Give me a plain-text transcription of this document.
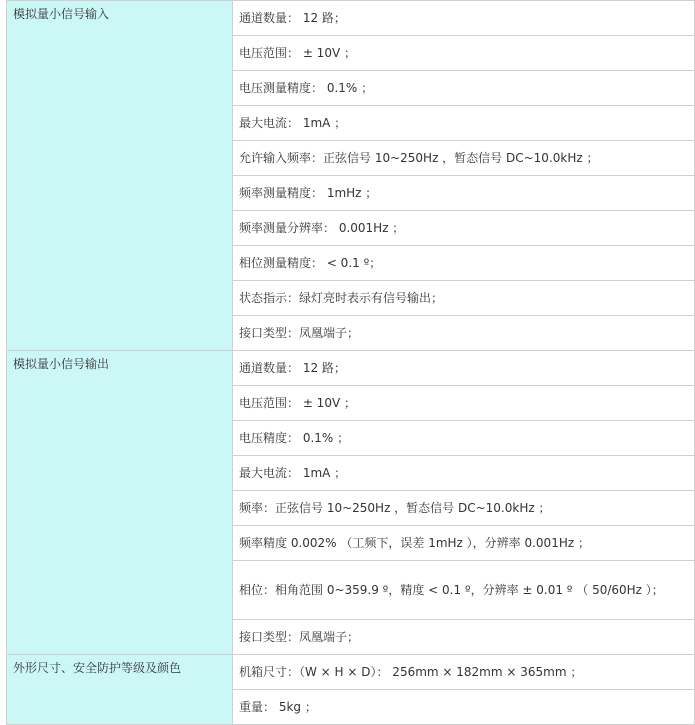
模拟量小信号输入	通道数量： 12 路；
	电压范围： ± 10V ；
	电压测量精度： 0.1% ；
	最大电流： 1mA ；
	允许输入频率：正弦信号 10~250Hz ，暂态信号 DC~10.0kHz ；
	频率测量精度： 1mHz ；
	频率测量分辨率： 0.001Hz ；
	相位测量精度： < 0.1 º；
	状态指示：绿灯亮时表示有信号输出；
	接口类型：凤凰端子；
模拟量小信号输出	通道数量： 12 路；
	电压范围： ± 10V ；
	电压精度： 0.1% ；
	最大电流： 1mA ；
	频率：正弦信号 10~250Hz ，暂态信号 DC~10.0kHz ；
	频率精度 0.002% （工频下，误差 1mHz ），分辨率 0.001Hz ；
	相位：相角范围 0~359.9 º，精度 < 0.1 º，分辨率 ± 0.01 º （ 50/60Hz ）；
	接口类型：凤凰端子；
外形尺寸、安全防护等级及颜色	机箱尺寸：（W × H × D）： 256mm × 182mm × 365mm ；
	重量： 5kg ；
